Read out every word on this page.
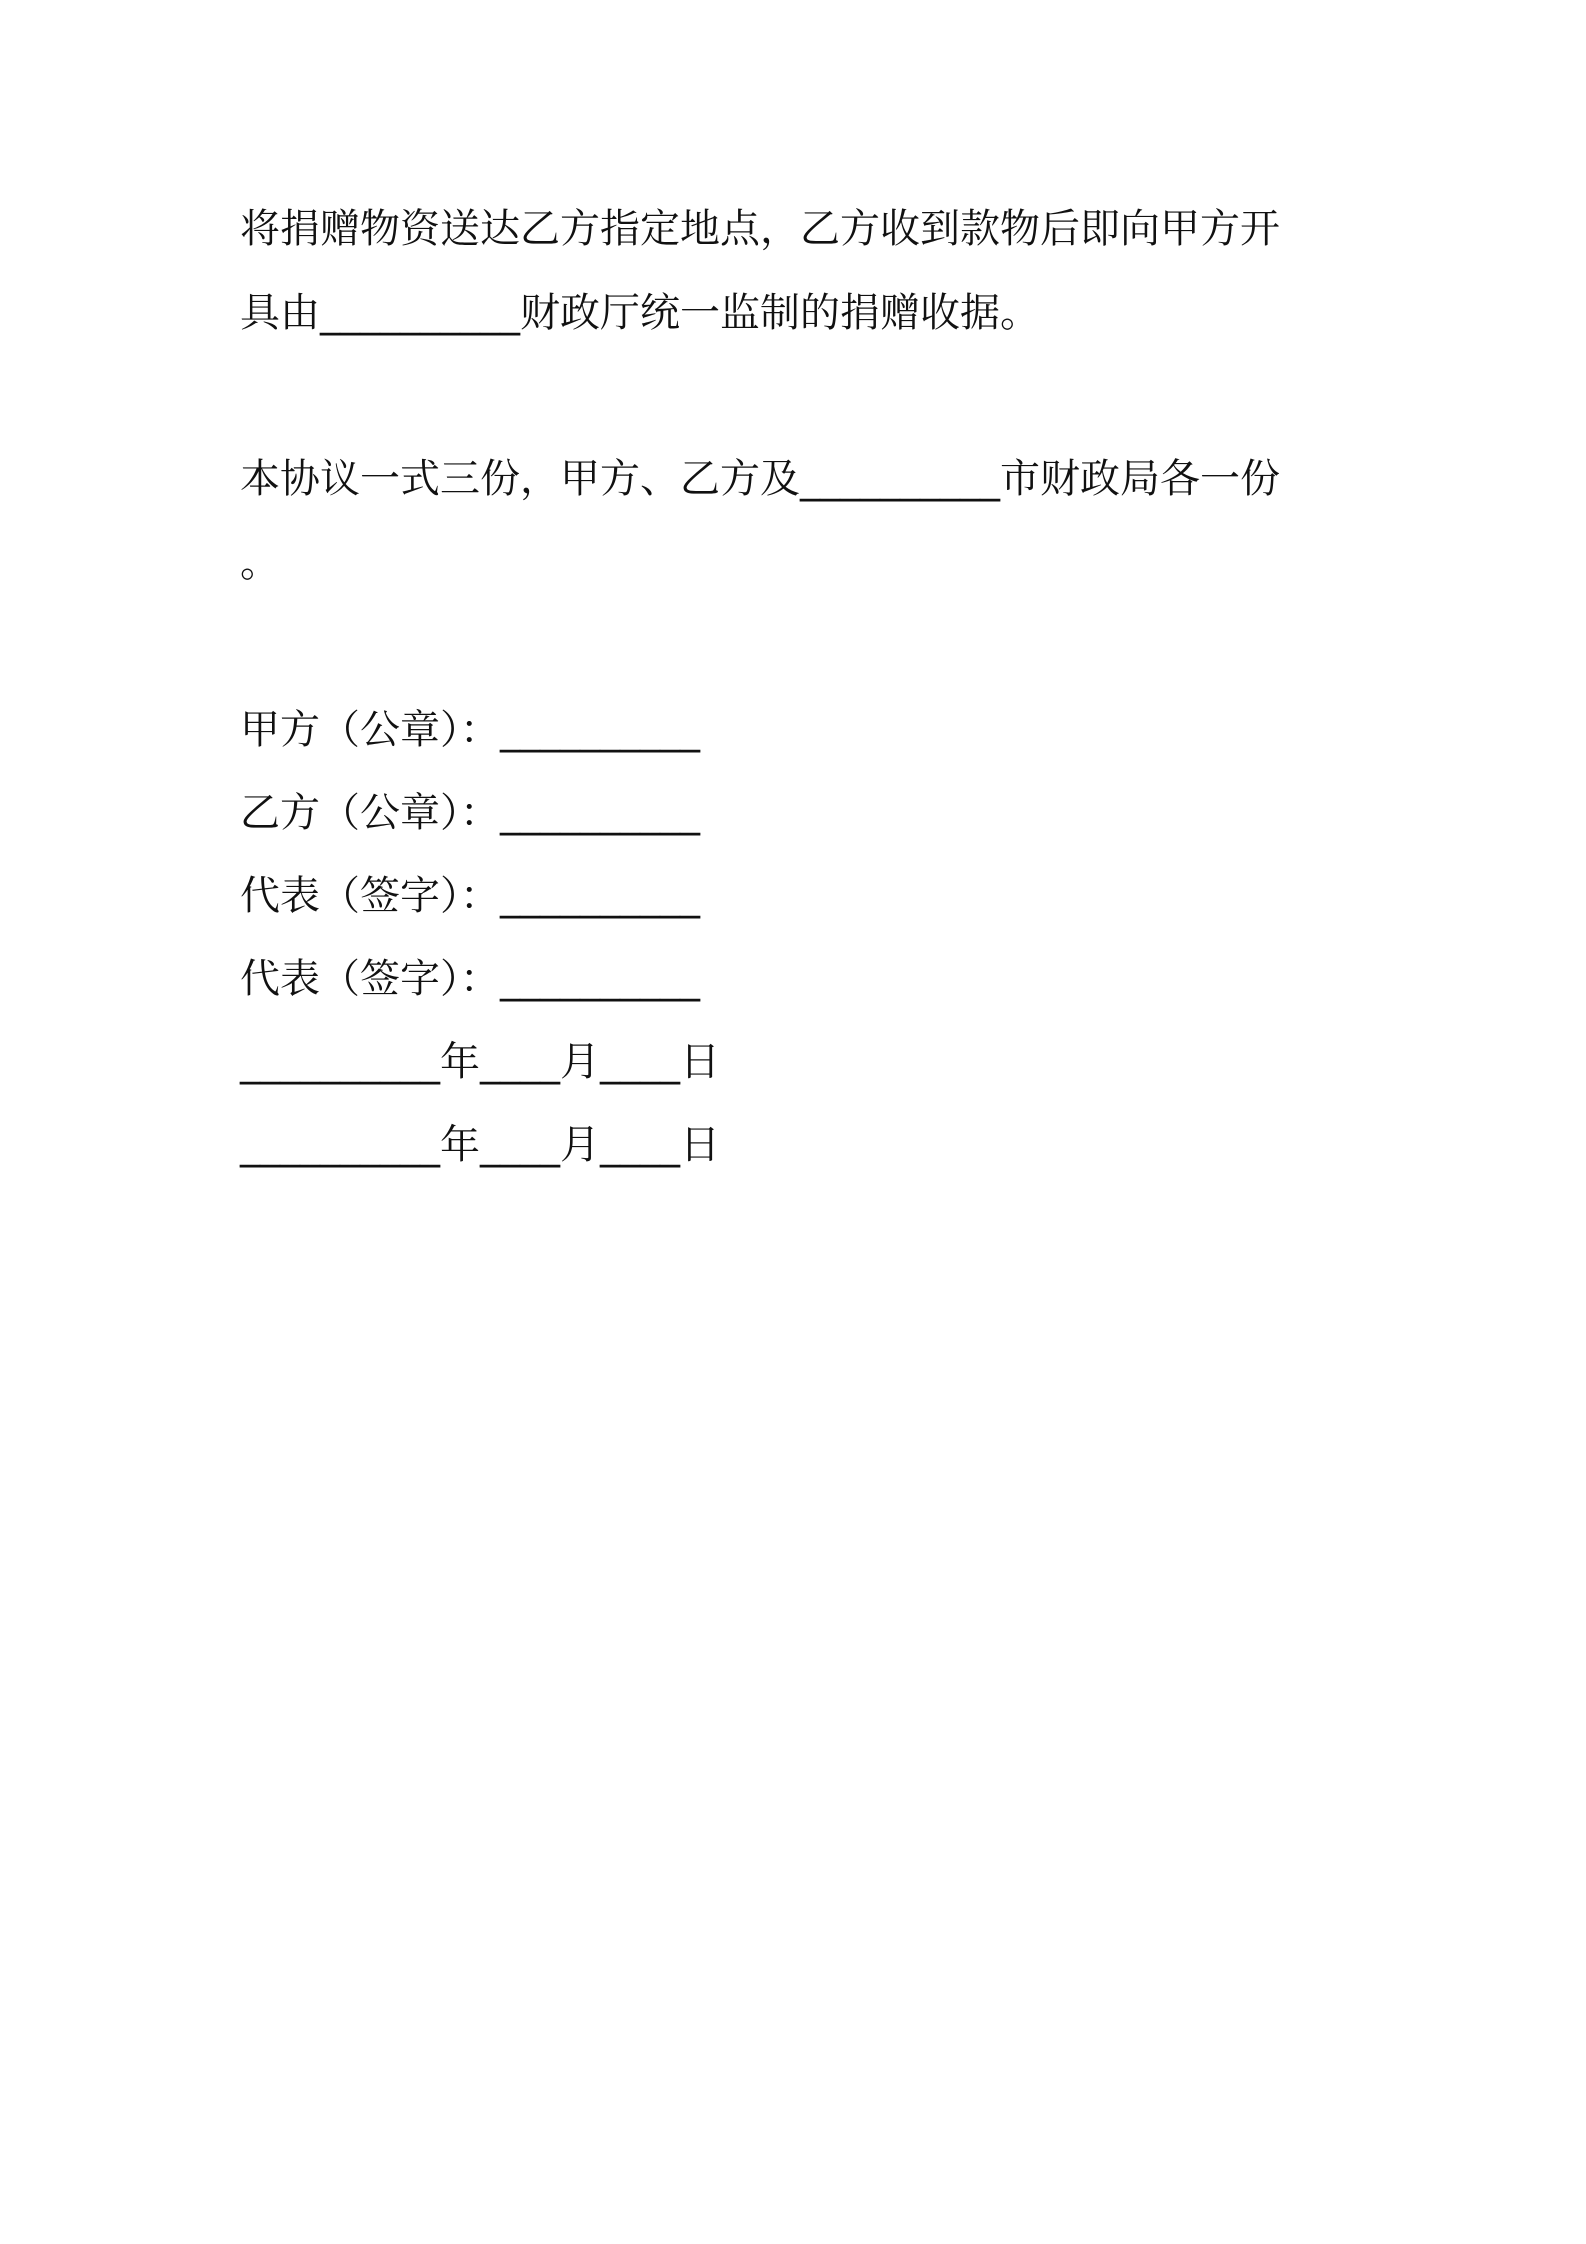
将捐赠物资送达乙方指定地点，乙方收到款物后即向甲方开
具由__________财政厅统一监制的捐赠收据。
本协议一式三份，甲方、乙方及__________市财政局各一份
。
甲方（公章）：__________
乙方（公章）：__________
代表（签字）：__________
代表（签字）：__________
__________年____月____日
__________年____月____日
